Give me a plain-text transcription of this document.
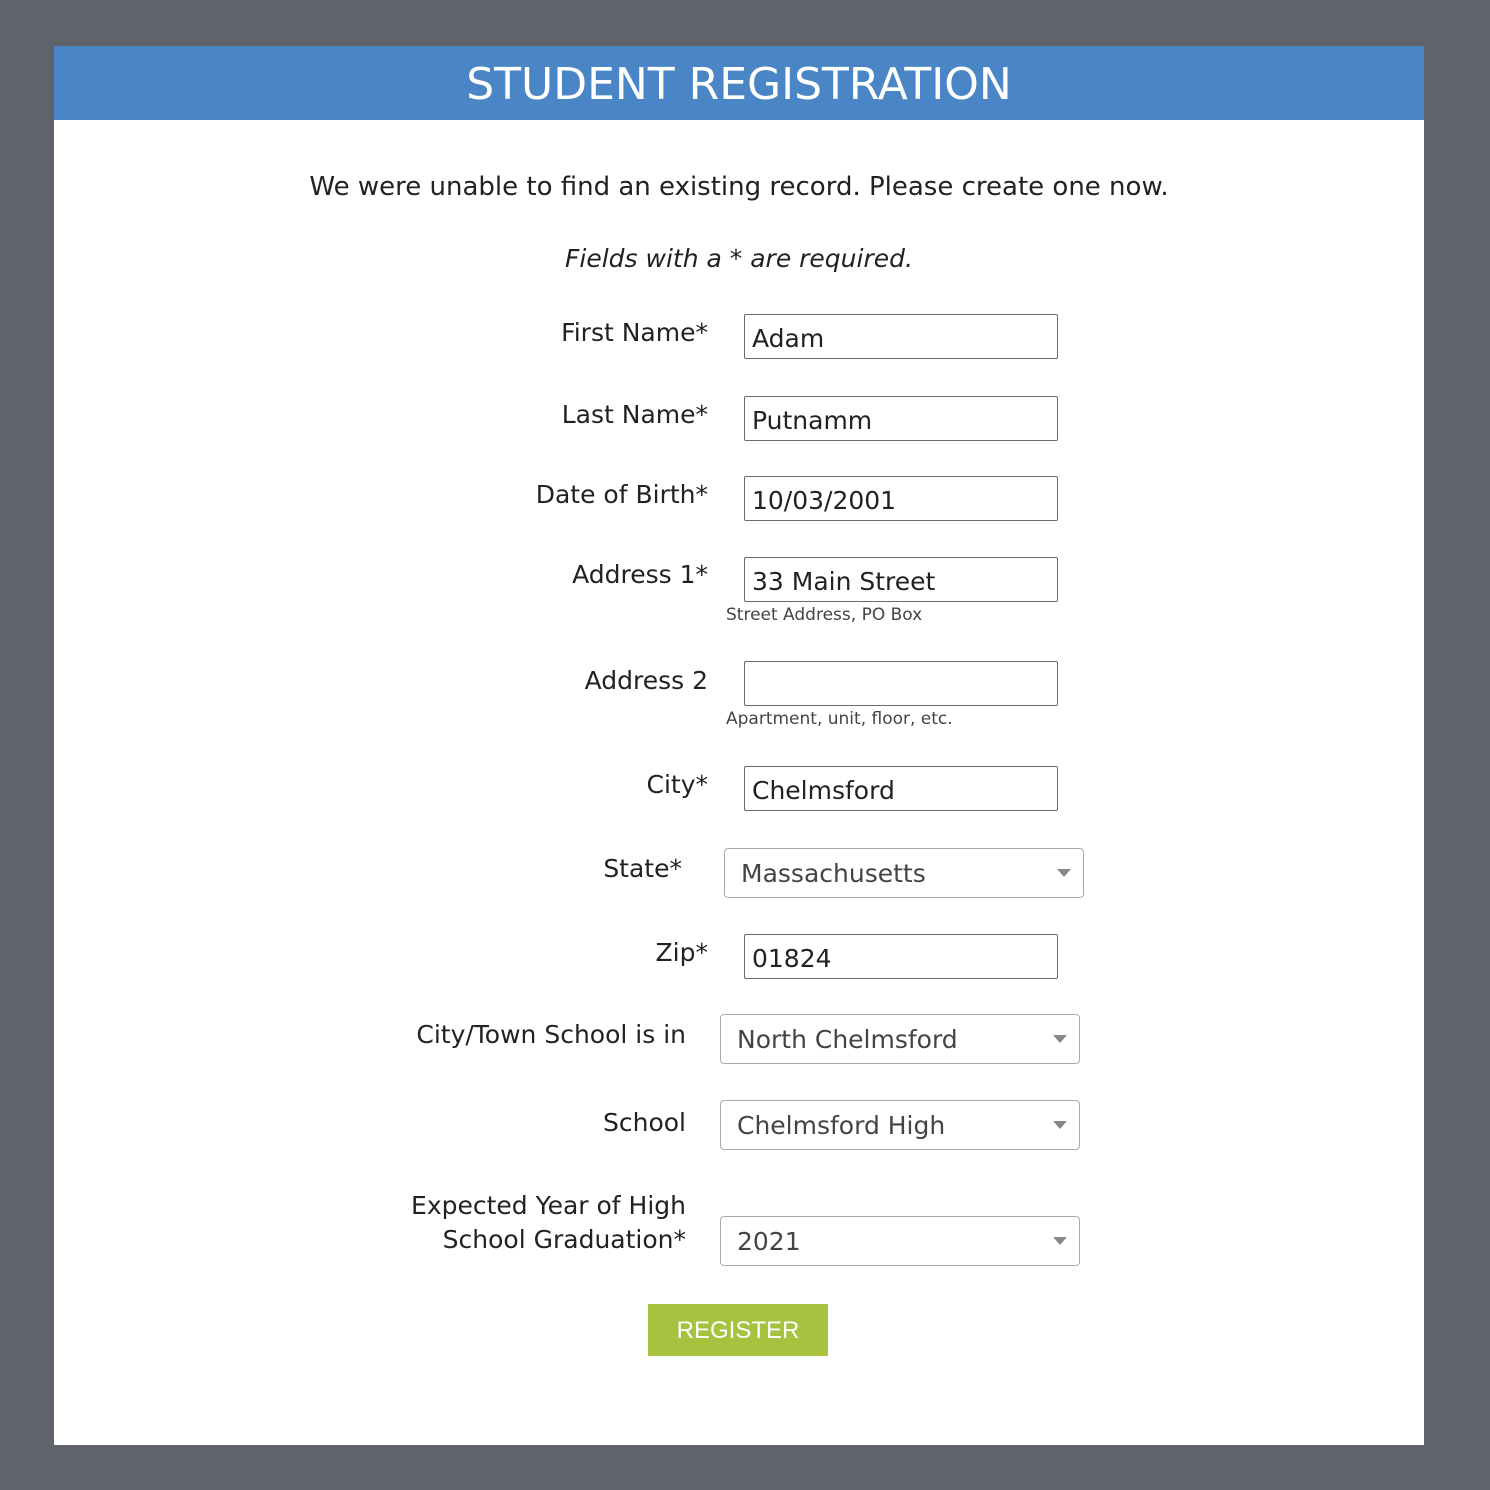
STUDENT REGISTRATION
We were unable to find an existing record. Please create one now.
Fields with a * are required.
First Name*
Adam
Last Name*
Putnamm
Date of Birth*
10/03/2001
Address 1*
33 Main Street
Street Address, PO Box
Address 2
Apartment, unit, floor, etc.
City*
Chelmsford
State* Massachusetts
Zip*
01824
City/Town School is in North Chelmsford
School Chelmsford High
Expected Year of High School Graduation* 2021
REGISTER
